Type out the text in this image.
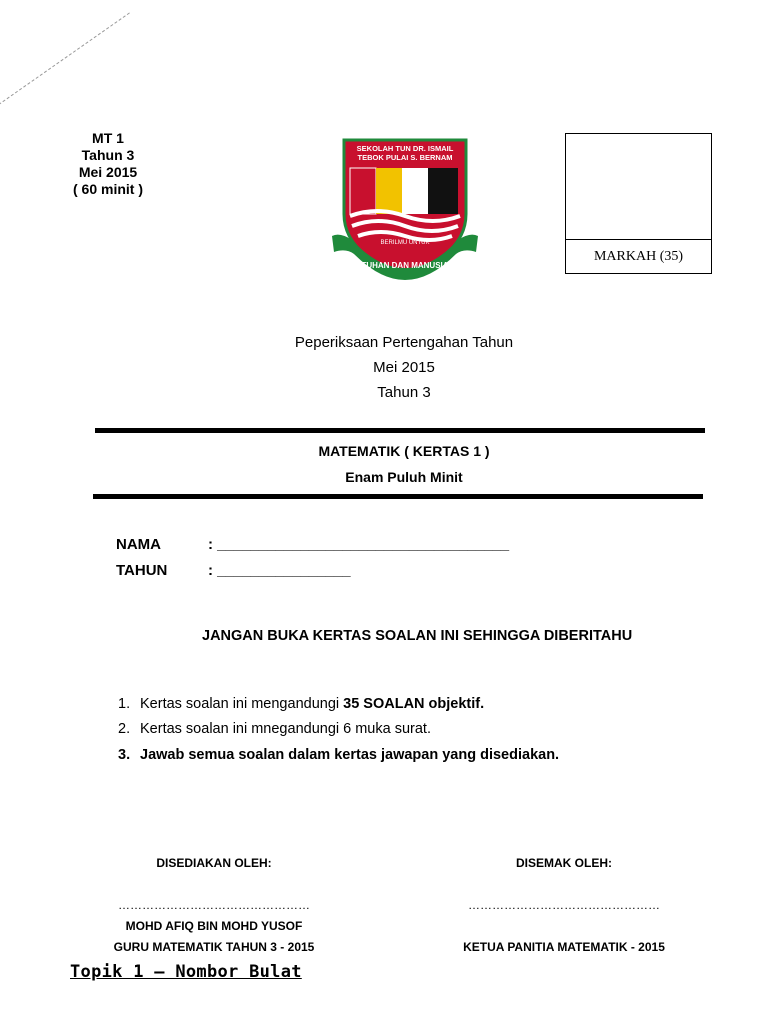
MT 1
Tahun 3
Mei 2015
( 60 minit )
SEKOLAH TUN DR. ISMAIL
TEBOK PULAI S. BERNAM
BERILMU UNTUK
TUHAN DAN MANUSIA
MARKAH (35)
Peperiksaan Pertengahan Tahun
Mei 2015
Tahun 3
MATEMATIK ( KERTAS 1 )
Enam Puluh Minit
NAMA	: ___________________________________
TAHUN	: ________________
JANGAN BUKA KERTAS SOALAN INI SEHINGGA DIBERITAHU
1. Kertas soalan ini mengandungi 35 SOALAN objektif.
2. Kertas soalan ini mnegandungi 6 muka surat.
3. Jawab semua soalan dalam kertas jawapan yang disediakan.
DISEDIAKAN OLEH:
…………………………………………
MOHD AFIQ BIN MOHD YUSOF
GURU MATEMATIK TAHUN 3 - 2015
DISEMAK OLEH:
…………………………………………
KETUA PANITIA MATEMATIK - 2015
Topik 1 – Nombor Bulat
